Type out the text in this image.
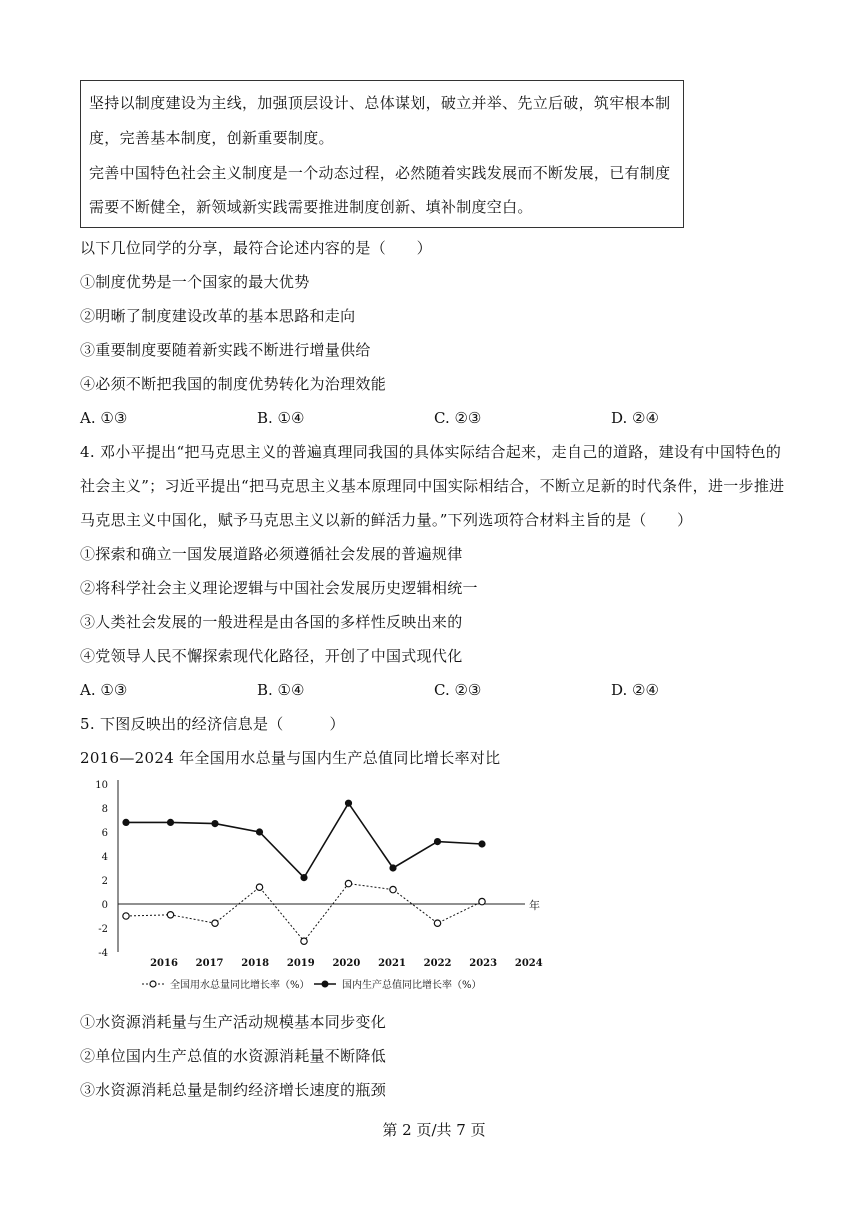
坚持以制度建设为主线，加强顶层设计、总体谋划，破立并举、先立后破，筑牢根本制
度，完善基本制度，创新重要制度。
完善中国特色社会主义制度是一个动态过程，必然随着实践发展而不断发展，已有制度
需要不断健全，新领域新实践需要推进制度创新、填补制度空白。
以下几位同学的分享，最符合论述内容的是（　　）
①制度优势是一个国家的最大优势
②明晰了制度建设改革的基本思路和走向
③重要制度要随着新实践不断进行增量供给
④必须不断把我国的制度优势转化为治理效能
A. ①③	B. ①④	C. ②③	D. ②④
4. 邓小平提出“把马克思主义的普遍真理同我国的具体实际结合起来，走自己的道路，建设有中国特色的
社会主义”；习近平提出“把马克思主义基本原理同中国实际相结合，不断立足新的时代条件，进一步推进
马克思主义中国化，赋予马克思主义以新的鲜活力量。”下列选项符合材料主旨的是（　　）
①探索和确立一国发展道路必须遵循社会发展的普遍规律
②将科学社会主义理论逻辑与中国社会发展历史逻辑相统一
③人类社会发展的一般进程是由各国的多样性反映出来的
④党领导人民不懈探索现代化路径，开创了中国式现代化
A. ①③	B. ①④	C. ②③	D. ②④
5. 下图反映出的经济信息是（　　　）
2016—2024 年全国用水总量与国内生产总值同比增长率对比
年
10
8
6
4
2
0
-2
-4
2016 2017 2018 2019 2020 2021 2022 2023 2024
全国用水总量同比增长率（%）	国内生产总值同比增长率（%）
①水资源消耗量与生产活动规模基本同步变化
②单位国内生产总值的水资源消耗量不断降低
③水资源消耗总量是制约经济增长速度的瓶颈
第 2 页/共 7 页
